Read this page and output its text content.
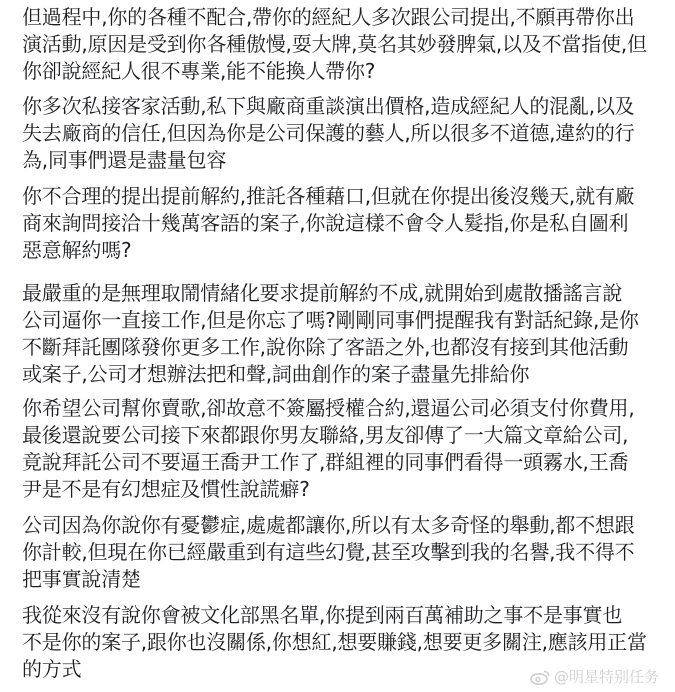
但過程中,你的各種不配合,帶你的經紀人多次跟公司提出,不願再帶你出
演活動,原因是受到你各種傲慢,耍大牌,莫名其妙發脾氣,以及不當指使,但
你卻說經紀人很不專業,能不能換人帶你?
你多次私接客家活動,私下與廠商重談演出價格,造成經紀人的混亂,以及
失去廠商的信任,但因為你是公司保護的藝人,所以很多不道德,違約的行
為,同事們還是盡量包容
你不合理的提出提前解約,推託各種藉口,但就在你提出後沒幾天,就有廠
商來詢問接洽十幾萬客語的案子,你說這樣不會令人髮指,你是私自圖利
惡意解約嗎?
最嚴重的是無理取鬧情緒化要求提前解約不成,就開始到處散播謠言說
公司逼你一直接工作,但是你忘了嗎?剛剛同事們提醒我有對話紀錄,是你
不斷拜託團隊發你更多工作,說你除了客語之外,也都沒有接到其他活動
或案子,公司才想辦法把和聲,詞曲創作的案子盡量先排給你
你希望公司幫你賣歌,卻故意不簽屬授權合約,還逼公司必須支付你費用,
最後還說要公司接下來都跟你男友聯絡,男友卻傳了一大篇文章給公司,
竟說拜託公司不要逼王喬尹工作了,群組裡的同事們看得一頭霧水,王喬
尹是不是有幻想症及慣性說謊癖?
公司因為你說你有憂鬱症,處處都讓你,所以有太多奇怪的舉動,都不想跟
你計較,但現在你已經嚴重到有這些幻覺,甚至攻擊到我的名譽,我不得不
把事實說清楚
我從來沒有說你會被文化部黑名單,你提到兩百萬補助之事不是事實也
不是你的案子,跟你也沒關係,你想紅,想要賺錢,想要更多關注,應該用正當
的方式	@明星特别任务
